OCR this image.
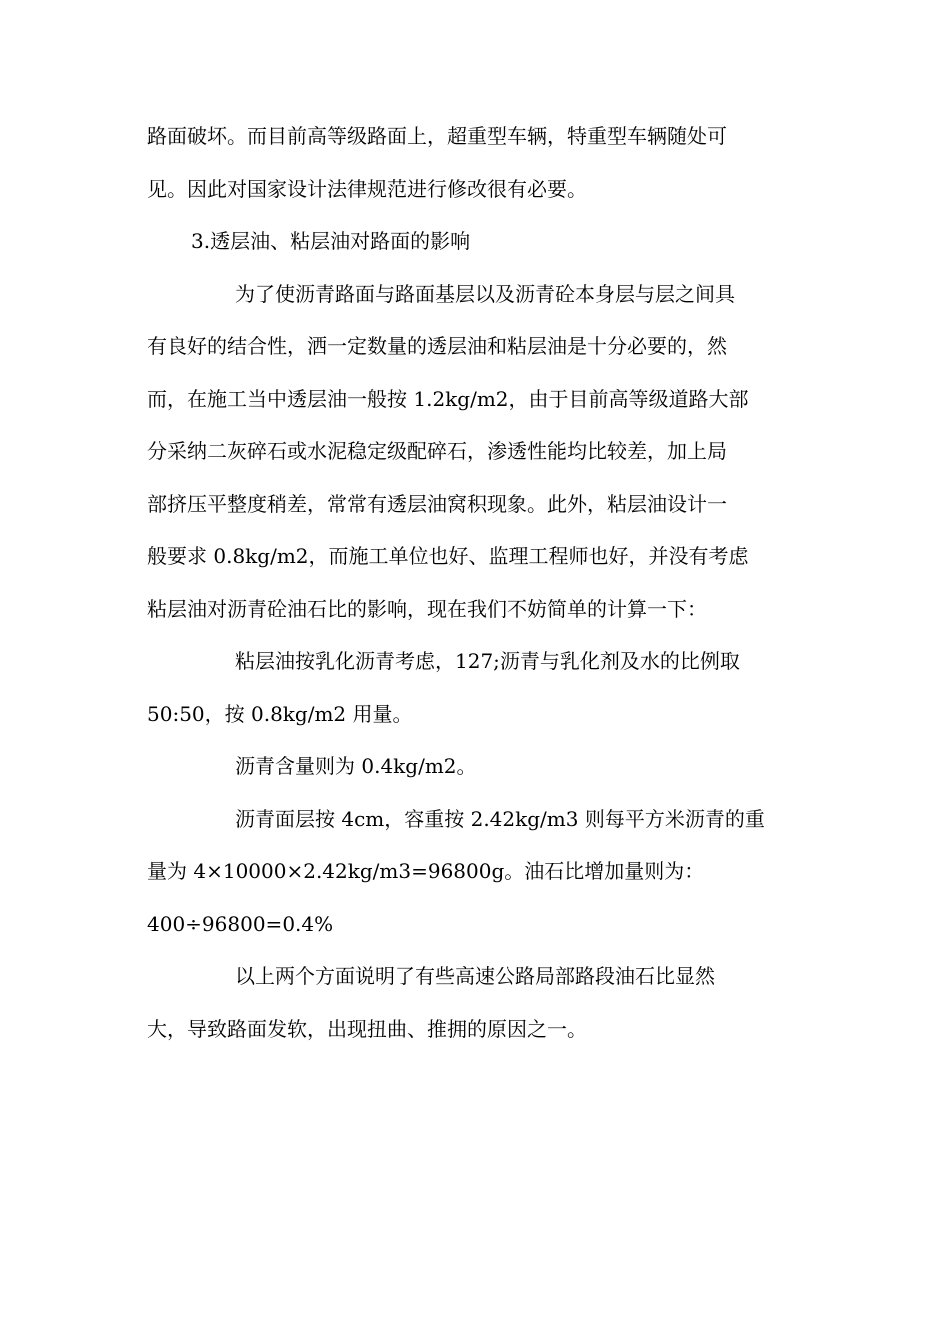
路面破坏。而目前高等级路面上，超重型车辆，特重型车辆随处可
见。因此对国家设计法律规范进行修改很有必要。
3.透层油、粘层油对路面的影响
为了使沥青路面与路面基层以及沥青砼本身层与层之间具
有良好的结合性，洒一定数量的透层油和粘层油是十分必要的，然
而，在施工当中透层油一般按 1.2kg/m2，由于目前高等级道路大部
分采纳二灰碎石或水泥稳定级配碎石，渗透性能均比较差，加上局
部挤压平整度稍差，常常有透层油窝积现象。此外，粘层油设计一
般要求 0.8kg/m2，而施工单位也好、监理工程师也好，并没有考虑
粘层油对沥青砼油石比的影响，现在我们不妨简单的计算一下：
粘层油按乳化沥青考虑，127;沥青与乳化剂及水的比例取
50:50，按 0.8kg/m2 用量。
沥青含量则为 0.4kg/m2。
沥青面层按 4cm，容重按 2.42kg/m3 则每平方米沥青的重
量为 4×10000×2.42kg/m3=96800g。油石比增加量则为：
400÷96800=0.4%
以上两个方面说明了有些高速公路局部路段油石比显然
大，导致路面发软，出现扭曲、推拥的原因之一。
